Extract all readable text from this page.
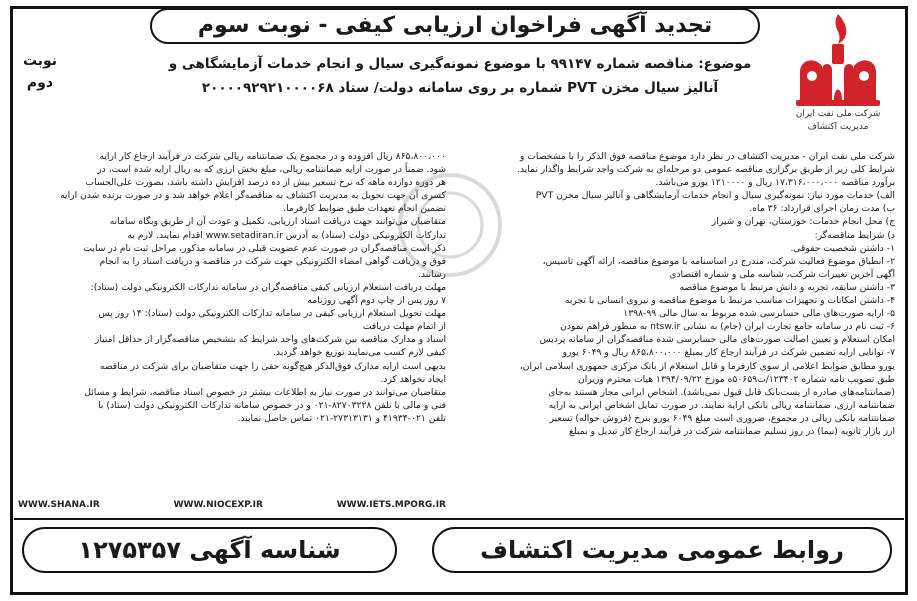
شرکت ملی نفت ایران
مدیریت اکتشاف
نوبت
دوم
تجدید آگهی فراخوان ارزیابی کیفی - نوبت سوم
موضوع: مناقصه شماره ۹۹۱۴۷ با موضوع نمونه‌گیری سیال و انجام خدمات آزمایشگاهی و
آنالیز سیال مخزن PVT شماره بر روی سامانه دولت/ ستاد ۲۰۰۰۰۹۲۹۲۱۰۰۰۰۶۸
شرکت ملی نفت ایران - مدیریت اکتشاف در نظر دارد موضوع مناقصه فوق الذکر را با مشخصات و
شرایط کلی زیر از طریق برگزاری مناقصه عمومی دو مرحله‌ای به شرکت واجد شرایط واگذار نماید.
برآورد مناقصه ۱۷،۳۱۶،۰۰۰،۰۰۰ ریال و ۱۲۱۰۰۰۰ یورو می‌باشد.
الف) خدمات مورد نیاز: نمونه‌گیری سیال و انجام خدمات آزمایشگاهی و آنالیز سیال مخزن PVT
ب) مدت زمان اجرای قرارداد: ۳۶ ماه.
ج) محل انجام خدمات: خوزستان، تهران و شیراز
د) شرایط مناقصه‌گر:
۱- داشتن شخصیت حقوقی.
۲- انطباق موضوع فعالیت شرکت، مندرج در اساسنامه با موضوع مناقصه، ارائه آگهی تاسیس،
آگهی آخرین تغییرات شرکت، شناسه ملی و شماره اقتصادی
۳- داشتن سابقه، تجربه و دانش مرتبط با موضوع مناقصه
۴- داشتن امکانات و تجهیزات مناسب مرتبط با موضوع مناقصه و نیروی انسانی با تجربه
۵- ارایه صورت‌های مالی حسابرسی شده مربوط به سال مالی ۹۹-۱۳۹۸
۶- ثبت نام در سامانه جامع تجارت ایران (جام) به نشانی ntsw.ir به منظور فراهم نمودن
امکان استعلام و تعیین اصالت صورت‌های مالی حسابرسی شده مناقصه‌گران از سامانه پردیس
۷- توانایی ارایه تضمین شرکت در فرآیند ارجاع کار بمبلغ ۸۶۵،۸۰۰،۰۰۰ ریال و ۶۰۴۹ یورو
یورو مطابق ضوابط اعلامی از سوی کارفرما و قابل استعلام از بانک مرکزی جمهوری اسلامی ایران،
طبق تصویب نامه شماره ۱۲۳۴۰۲/ت۵۰۶۵۹ه مورخ ۱۳۹۴/۰۹/۲۲ هیات محترم وزیران
(ضمانتنامه‌های صادره از پست‌بانک قابل قبول نمی‌باشد). اشخاص ایرانی مجاز هستند به‌جای
ضمانتنامه ارزی، ضمانتنامه ریالی بانکی ارایه نمایند. در صورت تمایل اشخاص ایرانی به ارایه
ضمانتنامه بانکی ریالی در مجموع، ضروری است مبلغ ۶۰۴۹ یورو بنرخ (فروش حواله) تسعیر
ارز بازار ثانویه (نیما) در روز تسلیم ضمانتنامه شرکت در فرآیند ارجاع کار تبدیل و بمبلغ
۸۶۵،۸۰۰،۰۰۰ ریال افزوده و در مجموع یک ضمانتنامه ریالی شرکت در فرآیند ارجاع کار ارایه
شود. ضمناً در صورت ارایه ضمانتنامه ریالی، مبلغ بخش ارزی که به ریال ارایه شده است، در
هر دوره دوازده ماهه که نرخ تسعیر بیش از ده درصد افزایش داشته باشد، بصورت علی‌الحساب
کسری آن جهت تحویل به مدیریت اکتشاف به مناقصه‌گر اعلام خواهد شد و در صورت برنده شدن ارایه
تضمین انجام تعهدات طبق ضوابط کارفرما.
متقاضیان می‌توانند جهت دریافت اسناد ارزیابی، تکمیل و عودت آن از طریق وبگاه سامانه
تدارکات الکترونیکی دولت (ستاد) به آدرس www.setadiran.ir اقدام نمایند. لازم به
ذکر است مناقصه‌گران در صورت عدم عضویت قبلی در سامانه مذکور، مراحل ثبت نام در سایت
فوق و دریافت گواهی امضاء الکترونیکی جهت شرکت در مناقصه و دریافت اسناد را به انجام
رسانند.
مهلت دریافت استعلام ارزیابی کیفی مناقصه‌گران در سامانه تدارکات الکترونیکی دولت (ستاد):
۷ روز پس از چاپ دوم آگهی روزنامه
مهلت تحویل استعلام ارزیابی کیفی در سامانه تدارکات الکترونیکی دولت (ستاد): ۱۴ روز پس
از اتمام مهلت دریافت
اسناد و مدارک مناقصه بین شرکت‌های واجد شرایط که بتشخیص مناقصه‌گزار از حداقل امتیاز
کیفی لازم کسب می‌نمایند توزیع خواهد گردید.
بدیهی است ارایه مدارک فوق‌الذکر هیچ‌گونه حقی را جهت متقاضیان برای شرکت در مناقصه
ایجاد نخواهد کرد.
متقاضیان می‌توانند در صورت نیاز به اطلاعات بیشتر در خصوص اسناد مناقصه، شرایط و مسائل
فنی و مالی با تلفن ۸۲۷۰۳۲۲۸-۰۲۱ و در خصوص سامانه تدارکات الکترونیکی دولت (ستاد) با
تلفن ۰۲۱-۴۱۹۳۴ و ۲۷۳۱۳۱۳۱-۰۲۱ تماس حاصل نمایند.
WWW.SHANA.IR	WWW.NIOCEXP.IR	WWW.IETS.MPORG.IR
روابط عمومی مدیریت اکتشاف
شناسه آگهی ۱۲۷۵۳۵۷
